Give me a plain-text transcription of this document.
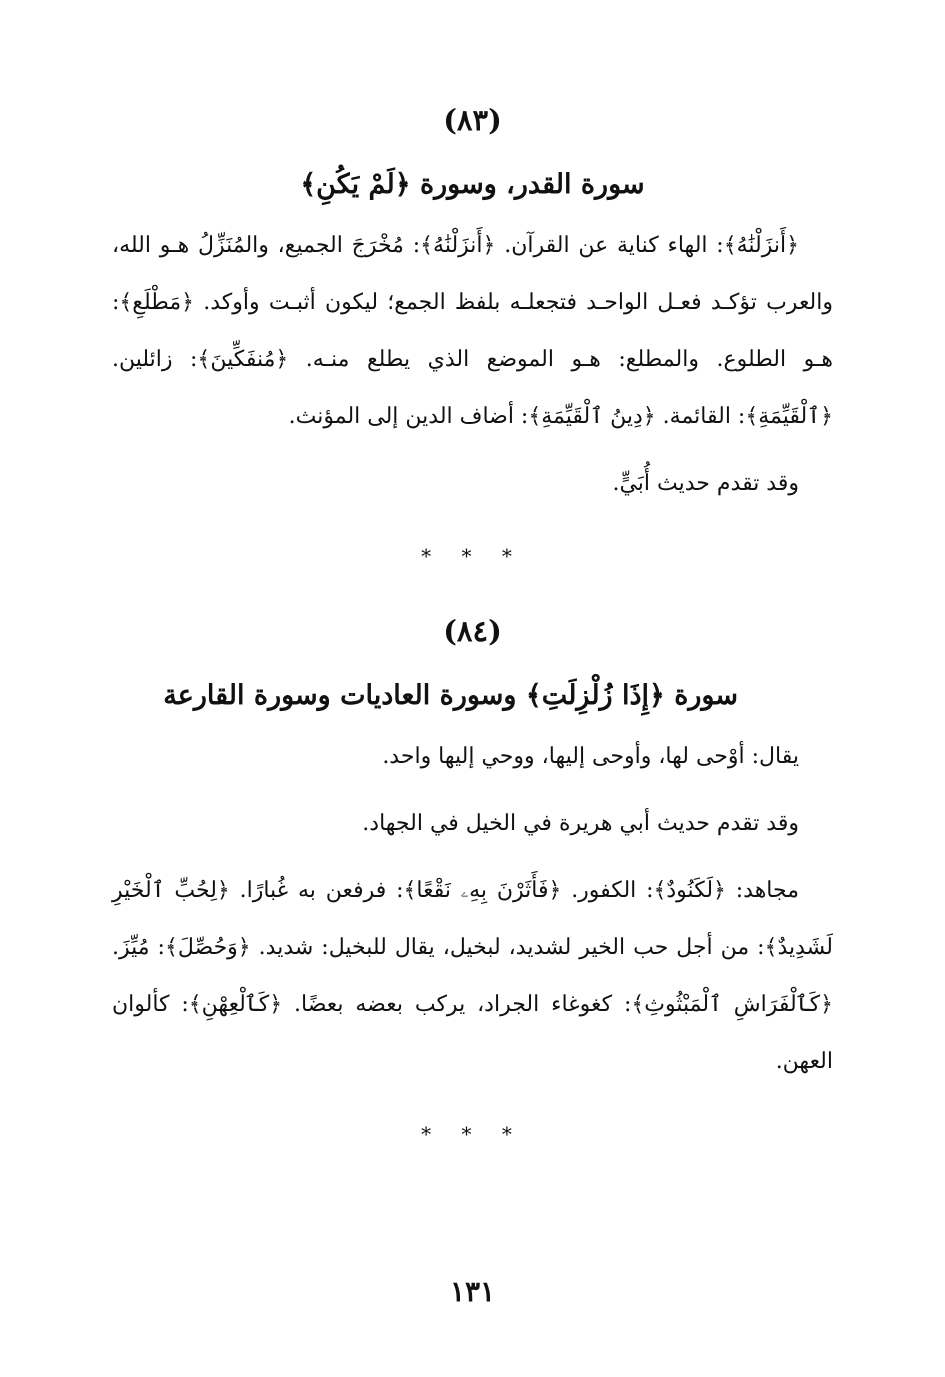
(٨٣)
سورة القدر، وسورة ﴿لَمْ يَكُنِ﴾

﴿أَنزَلْنَٰهُ﴾: الهاء كناية عن القرآن. ﴿أَنزَلْنَٰهُ﴾: مُخْرَجَ الجميع، والمُنَزِّلُ هـو الله، والعرب تؤكـد فعـل الواحـد فتجعلـه بلفظ الجمع؛ ليكون أثبـت وأوكد. ﴿مَطْلَعِ﴾: هـو الطلوع. والمطلع: هـو الموضع الذي يطلع منـه. ﴿مُنفَكِّينَ﴾: زائلين. ﴿ٱلْقَيِّمَةِ﴾: القائمة. ﴿دِينُ ٱلْقَيِّمَةِ﴾: أضاف الدين إلى المؤنث.

وقد تقدم حديث أُبَيٍّ.

* * *
(٨٤)
سورة ﴿إِذَا زُلْزِلَتِ﴾ وسورة العاديات وسورة القارعة

يقال: أوْحى لها، وأوحى إليها، ووحي إليها واحد.

وقد تقدم حديث أبي هريرة في الخيل في الجهاد.

مجاهد: ﴿لَكَنُودٌ﴾: الكفور. ﴿فَأَثَرْنَ بِهِۦ نَقْعًا﴾: فرفعن به غُبارًا. ﴿لِحُبِّ ٱلْخَيْرِ لَشَدِيدٌ﴾: من أجل حب الخير لشديد، لبخيل، يقال للبخيل: شديد. ﴿وَحُصِّلَ﴾: مُيِّزَ. ﴿كَٱلْفَرَاشِ ٱلْمَبْثُوثِ﴾: كغوغاء الجراد، يركب بعضه بعضًا. ﴿كَٱلْعِهْنِ﴾: كألوان العهن.

* * *
١٣١
